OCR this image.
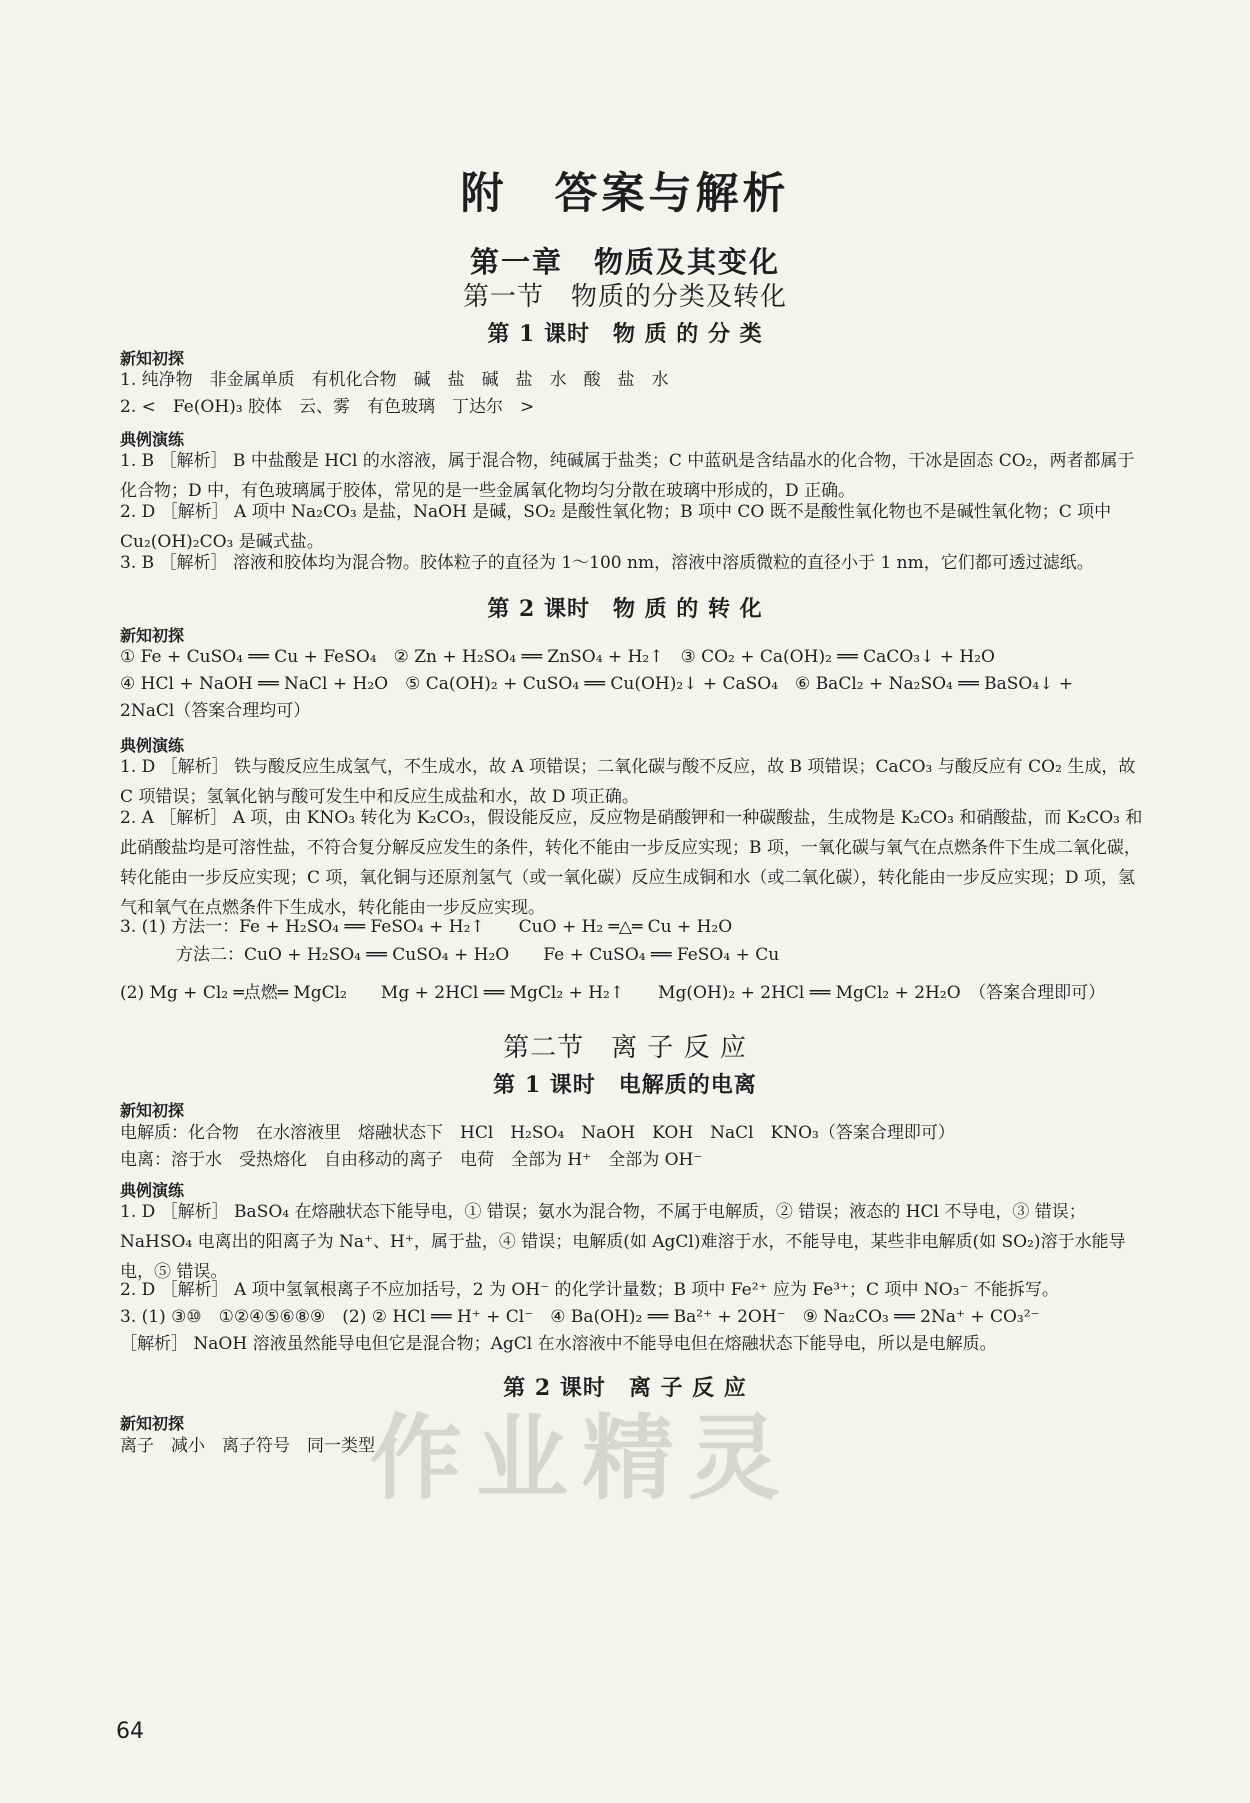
附　答案与解析
第一章　物质及其变化
第一节　物质的分类及转化
第 1 课时　物 质 的 分 类
新知初探

1. 纯净物　非金属单质　有机化合物　碱　盐　碱　盐　水　酸　盐　水

2. <　Fe(OH)₃ 胶体　云、雾　有色玻璃　丁达尔　>

典例演练

1. B ［解析］ B 中盐酸是 HCl 的水溶液，属于混合物，纯碱属于盐类；C 中蓝矾是含结晶水的化合物，干冰是固态 CO₂，两者都属于化合物；D 中，有色玻璃属于胶体，常见的是一些金属氧化物均匀分散在玻璃中形成的，D 正确。

2. D ［解析］ A 项中 Na₂CO₃ 是盐，NaOH 是碱，SO₂ 是酸性氧化物；B 项中 CO 既不是酸性氧化物也不是碱性氧化物；C 项中 Cu₂(OH)₂CO₃ 是碱式盐。

3. B ［解析］ 溶液和胶体均为混合物。胶体粒子的直径为 1～100 nm，溶液中溶质微粒的直径小于 1 nm，它们都可透过滤纸。

第 2 课时　物 质 的 转 化
新知初探

① Fe + CuSO₄ ══ Cu + FeSO₄　② Zn + H₂SO₄ ══ ZnSO₄ + H₂↑　③ CO₂ + Ca(OH)₂ ══ CaCO₃↓ + H₂O

④ HCl + NaOH ══ NaCl + H₂O　⑤ Ca(OH)₂ + CuSO₄ ══ Cu(OH)₂↓ + CaSO₄　⑥ BaCl₂ + Na₂SO₄ ══ BaSO₄↓ +

2NaCl（答案合理均可）

典例演练

1. D ［解析］ 铁与酸反应生成氢气，不生成水，故 A 项错误；二氧化碳与酸不反应，故 B 项错误；CaCO₃ 与酸反应有 CO₂ 生成，故 C 项错误；氢氧化钠与酸可发生中和反应生成盐和水，故 D 项正确。

2. A ［解析］ A 项，由 KNO₃ 转化为 K₂CO₃，假设能反应，反应物是硝酸钾和一种碳酸盐，生成物是 K₂CO₃ 和硝酸盐，而 K₂CO₃ 和此硝酸盐均是可溶性盐，不符合复分解反应发生的条件，转化不能由一步反应实现；B 项，一氧化碳与氧气在点燃条件下生成二氧化碳，转化能由一步反应实现；C 项，氧化铜与还原剂氢气（或一氧化碳）反应生成铜和水（或二氧化碳），转化能由一步反应实现；D 项，氢气和氧气在点燃条件下生成水，转化能由一步反应实现。

3. (1) 方法一：Fe + H₂SO₄ ══ FeSO₄ + H₂↑　　CuO + H₂ ═△═ Cu + H₂O

方法二：CuO + H₂SO₄ ══ CuSO₄ + H₂O　　Fe + CuSO₄ ══ FeSO₄ + Cu

(2) Mg + Cl₂ ═点燃═ MgCl₂　　Mg + 2HCl ══ MgCl₂ + H₂↑　　Mg(OH)₂ + 2HCl ══ MgCl₂ + 2H₂O　（答案合理即可）

第二节　离 子 反 应
第 1 课时　电解质的电离
新知初探

电解质：化合物　在水溶液里　熔融状态下　HCl　H₂SO₄　NaOH　KOH　NaCl　KNO₃（答案合理即可）

电离：溶于水　受热熔化　自由移动的离子　电荷　全部为 H⁺　全部为 OH⁻

典例演练

1. D ［解析］ BaSO₄ 在熔融状态下能导电，① 错误；氨水为混合物，不属于电解质，② 错误；液态的 HCl 不导电，③ 错误；NaHSO₄ 电离出的阳离子为 Na⁺、H⁺，属于盐，④ 错误；电解质(如 AgCl)难溶于水，不能导电，某些非电解质(如 SO₂)溶于水能导电，⑤ 错误。

2. D ［解析］ A 项中氢氧根离子不应加括号，2 为 OH⁻ 的化学计量数；B 项中 Fe²⁺ 应为 Fe³⁺；C 项中 NO₃⁻ 不能拆写。

3. (1) ③⑩　①②④⑤⑥⑧⑨　(2) ② HCl ══ H⁺ + Cl⁻　④ Ba(OH)₂ ══ Ba²⁺ + 2OH⁻　⑨ Na₂CO₃ ══ 2Na⁺ + CO₃²⁻

［解析］ NaOH 溶液虽然能导电但它是混合物；AgCl 在水溶液中不能导电但在熔融状态下能导电，所以是电解质。

第 2 课时　离 子 反 应
新知初探

离子　减小　离子符号　同一类型

作业精灵
64
